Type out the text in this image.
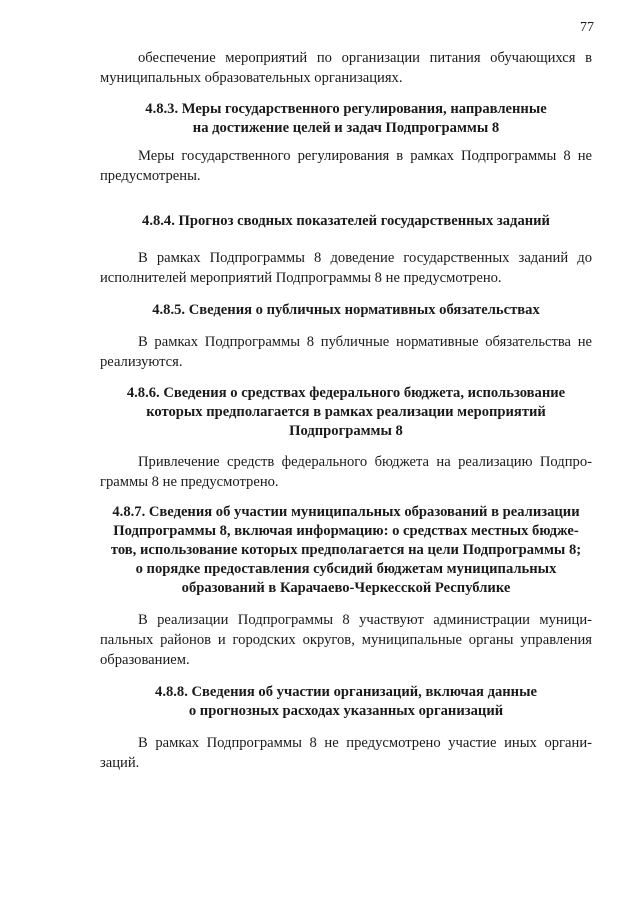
77

обеспечение мероприятий по организации питания обучающихся в
муниципальных образовательных организациях.

4.8.3. Меры государственного регулирования, направленные
на достижение целей и задач Подпрограммы 8

Меры государственного регулирования в рамках Подпрограммы 8 не
предусмотрены.

4.8.4. Прогноз сводных показателей государственных заданий

В рамках Подпрограммы 8 доведение государственных заданий до
исполнителей мероприятий Подпрограммы 8 не предусмотрено.

4.8.5. Сведения о публичных нормативных обязательствах

В рамках Подпрограммы 8 публичные нормативные обязательства не
реализуются.

4.8.6. Сведения о средствах федерального бюджета, использование
которых предполагается в рамках реализации мероприятий
Подпрограммы 8

Привлечение средств федерального бюджета на реализацию Подпро-
граммы 8 не предусмотрено.

4.8.7. Сведения об участии муниципальных образований в реализации
Подпрограммы 8, включая информацию: о средствах местных бюдже-
тов, использование которых предполагается на цели Подпрограммы 8;
о порядке предоставления субсидий бюджетам муниципальных
образований в Карачаево-Черкесской Республике

В реализации Подпрограммы 8 участвуют администрации муници-
пальных районов и городских округов, муниципальные органы управления
образованием.

4.8.8. Сведения об участии организаций, включая данные
о прогнозных расходах указанных организаций

В рамках Подпрограммы 8 не предусмотрено участие иных органи-
заций.
